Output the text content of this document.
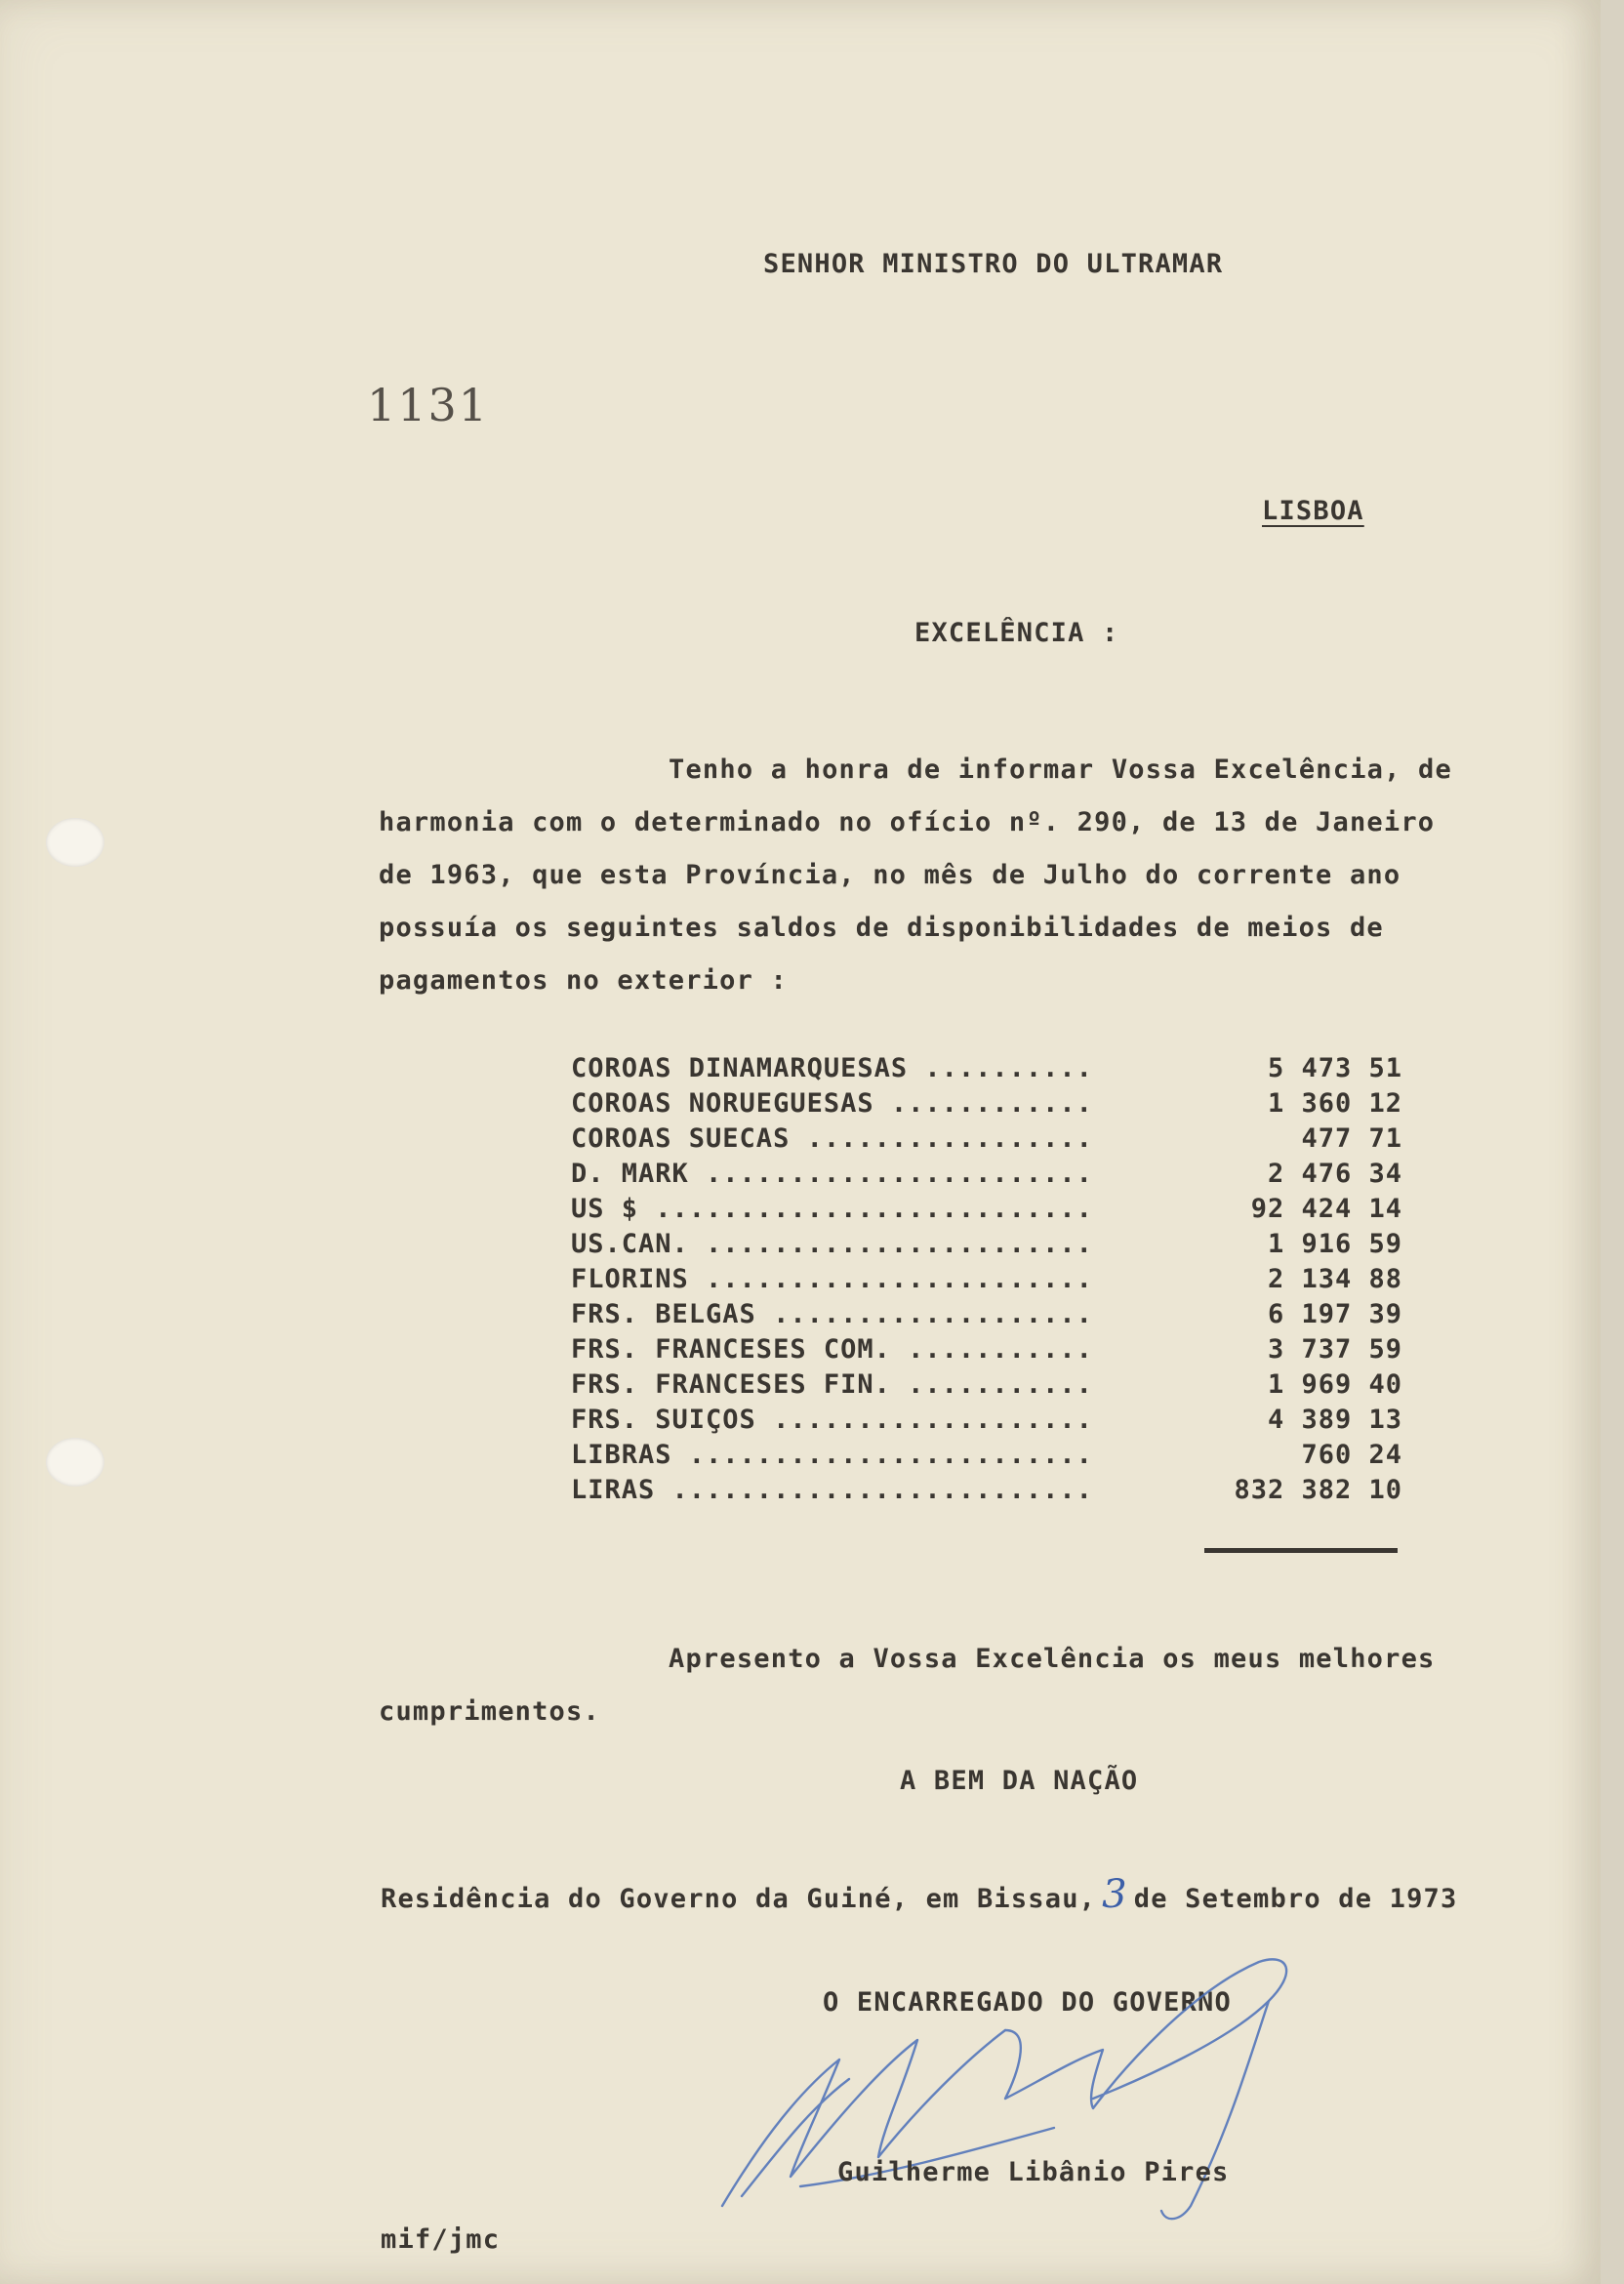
SENHOR MINISTRO DO ULTRAMAR
1131
LISBOA
EXCELÊNCIA :
Tenho a honra de informar Vossa Excelência, de
harmonia com o determinado no ofício nº. 290, de 13 de Janeiro
de 1963, que esta Província, no mês de Julho do corrente ano
possuía os seguintes saldos de disponibilidades de meios de
pagamentos no exterior :
COROAS DINAMARQUESAS ..........	5 473 51
COROAS NORUEGUESAS ............	1 360 12
COROAS SUECAS .................	477 71
D. MARK .......................	2 476 34
US $ ..........................	92 424 14
US.CAN. .......................	1 916 59
FLORINS .......................	2 134 88
FRS. BELGAS ...................	6 197 39
FRS. FRANCESES COM. ...........	3 737 59
FRS. FRANCESES FIN. ...........	1 969 40
FRS. SUIÇOS ...................	4 389 13
LIBRAS ........................	760 24
LIRAS .........................	832 382 10
Apresento a Vossa Excelência os meus melhores
cumprimentos.
A BEM DA NAÇÃO
Residência do Governo da Guiné, em Bissau, 3 de Setembro de 1973
O ENCARREGADO DO GOVERNO
Guilherme Libânio Pires
mif/jmc
